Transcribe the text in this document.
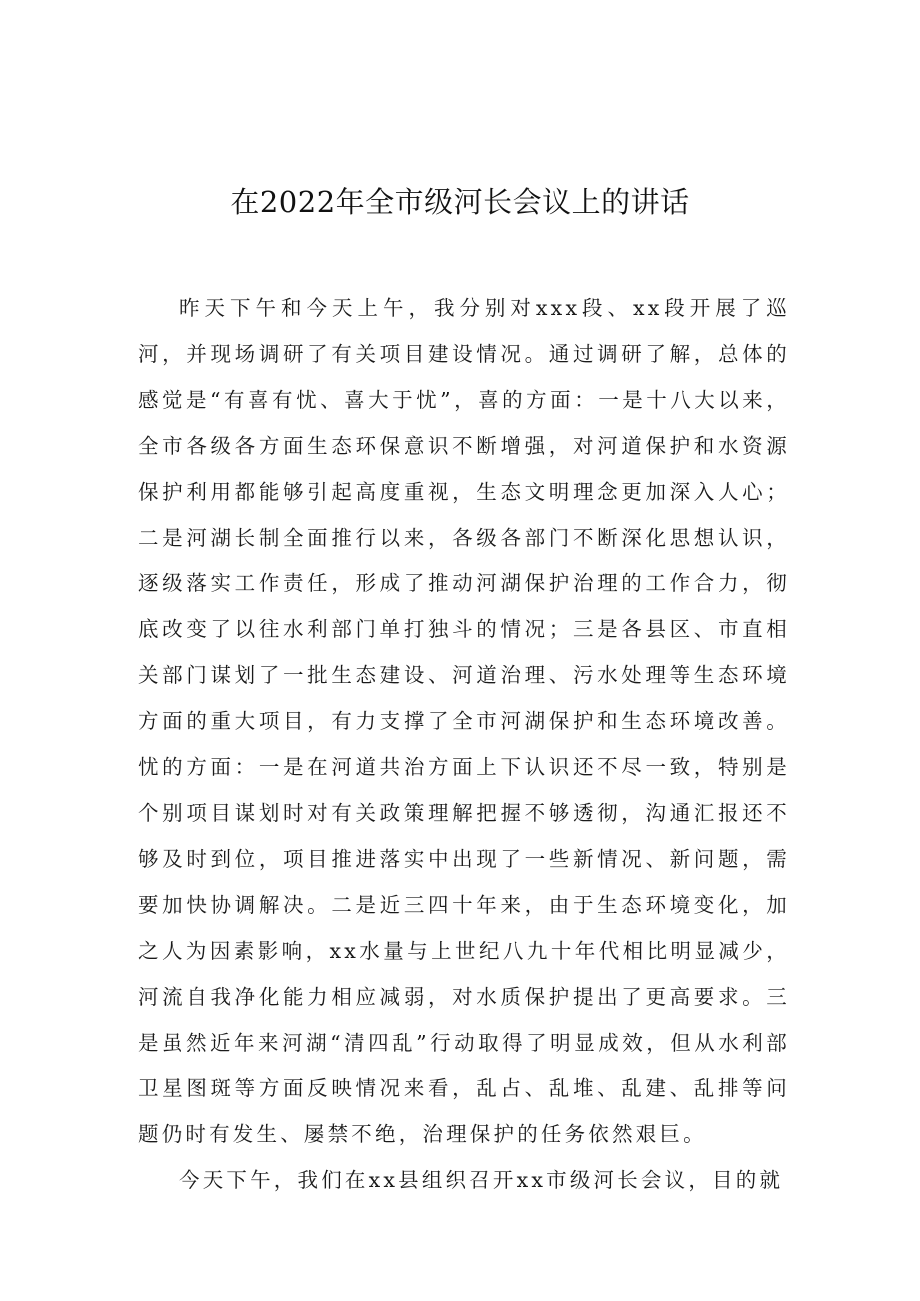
在2022年全市级河长会议上的讲话

昨天下午和今天上午，我分别对xxx段、xx段开展了巡河，并现场调研了有关项目建设情况。通过调研了解，总体的感觉是“有喜有忧、喜大于忧”，喜的方面：一是十八大以来，全市各级各方面生态环保意识不断增强，对河道保护和水资源保护利用都能够引起高度重视，生态文明理念更加深入人心；二是河湖长制全面推行以来，各级各部门不断深化思想认识，逐级落实工作责任，形成了推动河湖保护治理的工作合力，彻底改变了以往水利部门单打独斗的情况；三是各县区、市直相关部门谋划了一批生态建设、河道治理、污水处理等生态环境方面的重大项目，有力支撑了全市河湖保护和生态环境改善。忧的方面：一是在河道共治方面上下认识还不尽一致，特别是个别项目谋划时对有关政策理解把握不够透彻，沟通汇报还不够及时到位，项目推进落实中出现了一些新情况、新问题，需要加快协调解决。二是近三四十年来，由于生态环境变化，加之人为因素影响，xx水量与上世纪八九十年代相比明显减少，河流自我净化能力相应减弱，对水质保护提出了更高要求。三是虽然近年来河湖“清四乱”行动取得了明显成效，但从水利部卫星图斑等方面反映情况来看，乱占、乱堆、乱建、乱排等问题仍时有发生、屡禁不绝，治理保护的任务依然艰巨。

今天下午，我们在xx县组织召开xx市级河长会议，目的就
